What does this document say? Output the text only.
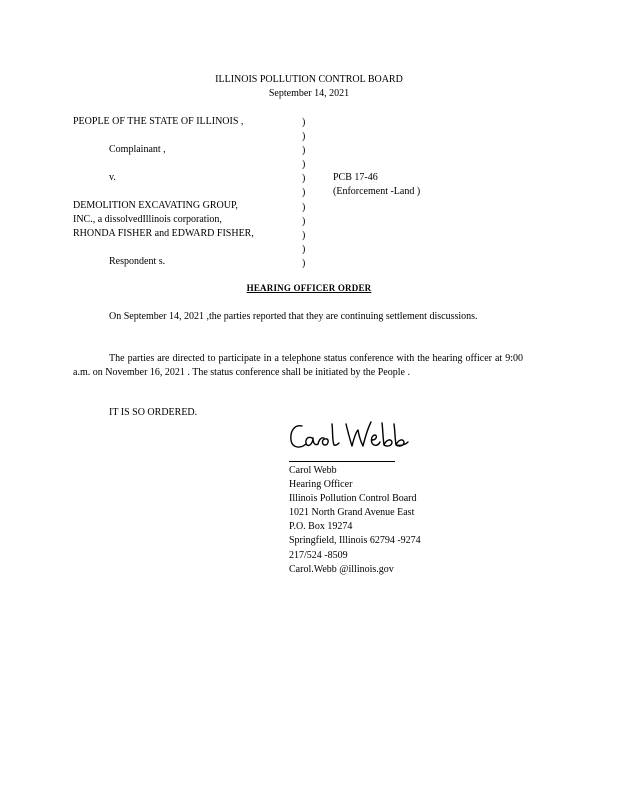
ILLINOIS POLLUTION CONTROL BOARD
September 14, 2021
PEOPLE OF THE STATE OF ILLINOIS ,
Complainant ,
v.
DEMOLITION EXCAVATING GROUP,
INC., a dissolvedIllinois corporation,
RHONDA FISHER and EDWARD FISHER,
Respondent s.
)
)
)
)
)
)
)
)
)
)
)
PCB 17-46
(Enforcement -Land )
HEARING OFFICER ORDER
On September 14, 2021 ,the parties reported that they are continuing settlement discussions.
The parties are directed to participate in a telephone status conference with the hearing officer at 9:00 a.m. on November 16, 2021 . The status conference shall be initiated by the People .
IT IS SO ORDERED.
Carol Webb
Hearing Officer
Illinois Pollution Control Board
1021 North Grand Avenue East
P.O. Box 19274
Springfield, Illinois 62794 -9274
217/524 -8509
Carol.Webb @illinois.gov
